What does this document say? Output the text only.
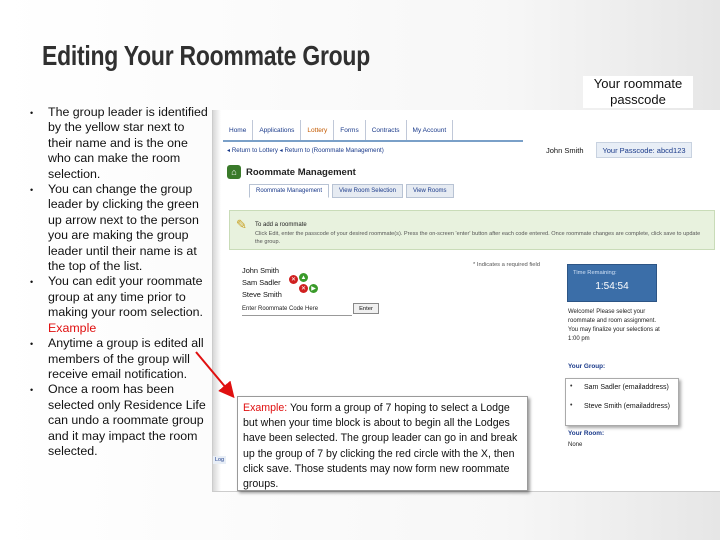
Editing Your Roommate Group
•	The group leader is identified by the yellow star next to their name and is the one who can make the room selection.
•	You can change the group leader by clicking the green up arrow next to the person you are making the group leader until their name is at the top of the list.
•	You can edit your roommate group at any time prior to making your room selection. Example
•	Anytime a group is edited all members of the group will receive email notification.
•	Once a room has been selected only Residence Life can undo a roommate group and it may impact the room selected.
Home	Applications	Lottery	Forms	Contracts	My Account
◂ Return to Lottery ◂ Return to (Roommate Management)	John Smith	Your Passcode: abcd123
⌂ Roommate Management
Roommate Management	View Room Selection	View Rooms
✎ To add a roommate
Click Edit, enter the passcode of your desired roommate(s). Press the on-screen 'enter' button after each code entered. Once roommate changes are complete, click save to update the group.
* Indicates a required field
John Smith
Sam Sadler
Steve Smith
✕ ▲
✕ ▶
Enter Roommate Code Here	Enter
Time Remaining:
1:54:54
Welcome! Please select your roommate and room assignment. You may finalize your selections at 1:00 pm
Your Group:
Your Room:
None
Log
Your roommate passcode
• Sam Sadler (emailaddress)
• Steve Smith (emailaddress)
Example: You form a group of 7 hoping to select a Lodge but when your time block is about to begin all the Lodges have been selected. The group leader can go in and break up the group of 7 by clicking the red circle with the X, then click save. Those students may now form new roommate groups.
